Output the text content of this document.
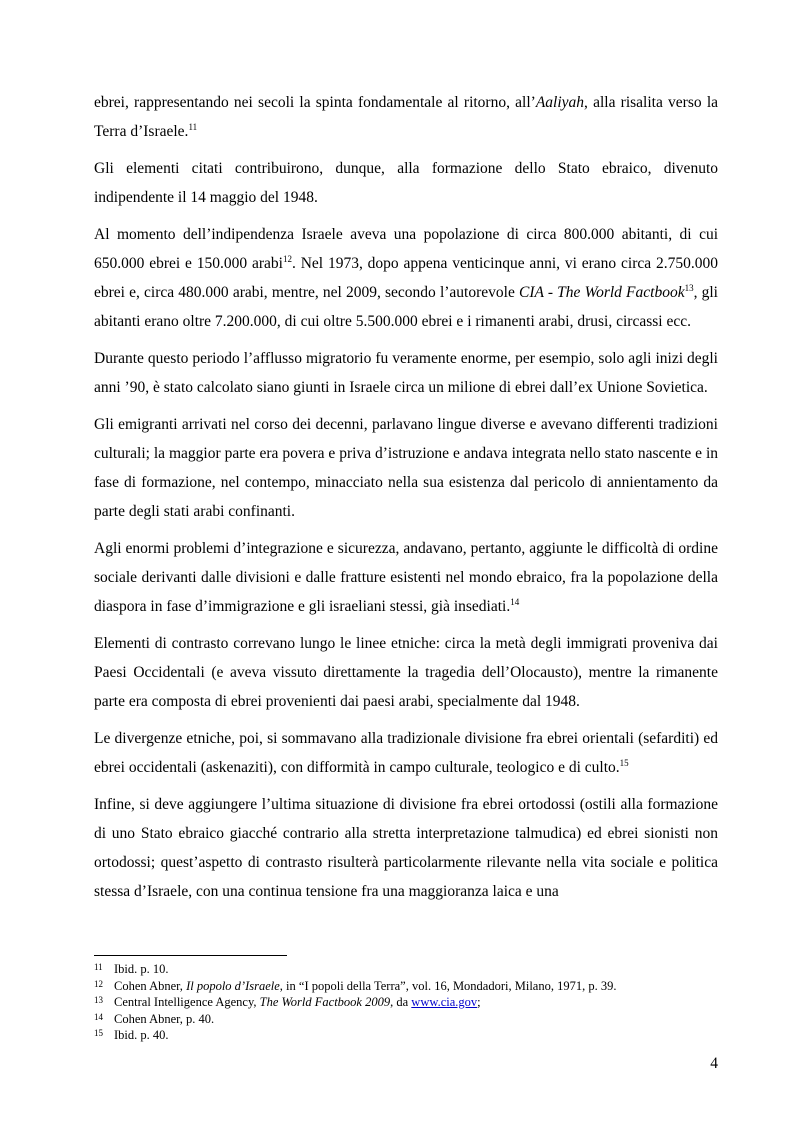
ebrei, rappresentando nei secoli la spinta fondamentale al ritorno, all’Aaliyah, alla risalita verso la Terra d’Israele.$^{11}$

Gli elementi citati contribuirono, dunque, alla formazione dello Stato ebraico, divenuto indipendente il 14 maggio del 1948.

Al momento dell’indipendenza Israele aveva una popolazione di circa 800.000 abitanti, di cui 650.000 ebrei e 150.000 arabi$^{12}$. Nel 1973, dopo appena venticinque anni, vi erano circa 2.750.000 ebrei e, circa 480.000 arabi, mentre, nel 2009, secondo l’autorevole CIA - The World Factbook$^{13}$, gli abitanti erano oltre 7.200.000, di cui oltre 5.500.000 ebrei e i rimanenti arabi, drusi, circassi ecc.

Durante questo periodo l’afflusso migratorio fu veramente enorme, per esempio, solo agli inizi degli anni ’90, è stato calcolato siano giunti in Israele circa un milione di ebrei dall’ex Unione Sovietica.

Gli emigranti arrivati nel corso dei decenni, parlavano lingue diverse e avevano differenti tradizioni culturali; la maggior parte era povera e priva d’istruzione e andava integrata nello stato nascente e in fase di formazione, nel contempo, minacciato nella sua esistenza dal pericolo di annientamento da parte degli stati arabi confinanti.

Agli enormi problemi d’integrazione e sicurezza, andavano, pertanto, aggiunte le difficoltà di ordine sociale derivanti dalle divisioni e dalle fratture esistenti nel mondo ebraico, fra la popolazione della diaspora in fase d’immigrazione e gli israeliani stessi, già insediati.$^{14}$

Elementi di contrasto correvano lungo le linee etniche: circa la metà degli immigrati proveniva dai Paesi Occidentali (e aveva vissuto direttamente la tragedia dell’Olocausto), mentre la rimanente parte era composta di ebrei provenienti dai paesi arabi, specialmente dal 1948.

Le divergenze etniche, poi, si sommavano alla tradizionale divisione fra ebrei orientali (sefarditi) ed ebrei occidentali (askenaziti), con difformità in campo culturale, teologico e di culto.$^{15}$

Infine, si deve aggiungere l’ultima situazione di divisione fra ebrei ortodossi (ostili alla formazione di uno Stato ebraico giacché contrario alla stretta interpretazione talmudica) ed ebrei sionisti non ortodossi; quest’aspetto di contrasto risulterà particolarmente rilevante nella vita sociale e politica stessa d’Israele, con una continua tensione fra una maggioranza laica e una

11 Ibid. p. 10.
12 Cohen Abner, Il popolo d’Israele, in “I popoli della Terra”, vol. 16, Mondadori, Milano, 1971, p. 39.
13 Central Intelligence Agency, The World Factbook 2009, da www.cia.gov;
14 Cohen Abner, p. 40.
15 Ibid. p. 40.
4
